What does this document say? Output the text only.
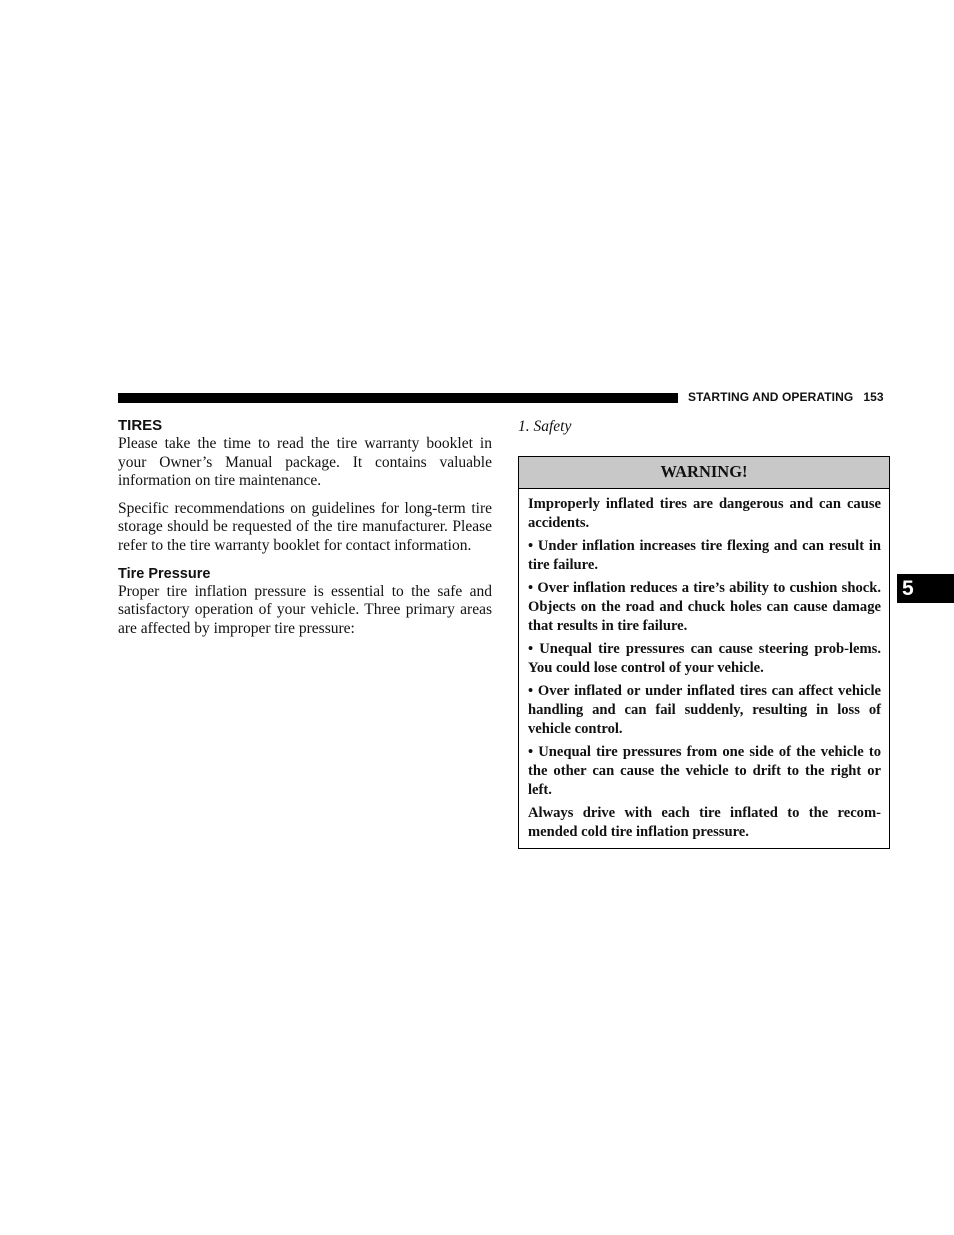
STARTING AND OPERATING 153
TIRES

Please take the time to read the tire warranty booklet in your Owner’s Manual package. It contains valuable information on tire maintenance.

Specific recommendations on guidelines for long-term tire storage should be requested of the tire manufacturer. Please refer to the tire warranty booklet for contact information.

Tire Pressure

Proper tire inflation pressure is essential to the safe and satisfactory operation of your vehicle. Three primary areas are affected by improper tire pressure:

1. Safety
WARNING!

Improperly inflated tires are dangerous and can cause accidents.

• Under inflation increases tire flexing and can result in tire failure.

• Over inflation reduces a tire’s ability to cushion shock. Objects on the road and chuck holes can cause damage that results in tire failure.

• Unequal tire pressures can cause steering prob-lems. You could lose control of your vehicle.

• Over inflated or under inflated tires can affect vehicle handling and can fail suddenly, resulting in loss of vehicle control.

• Unequal tire pressures from one side of the vehicle to the other can cause the vehicle to drift to the right or left.

Always drive with each tire inflated to the recom-mended cold tire inflation pressure.

5
